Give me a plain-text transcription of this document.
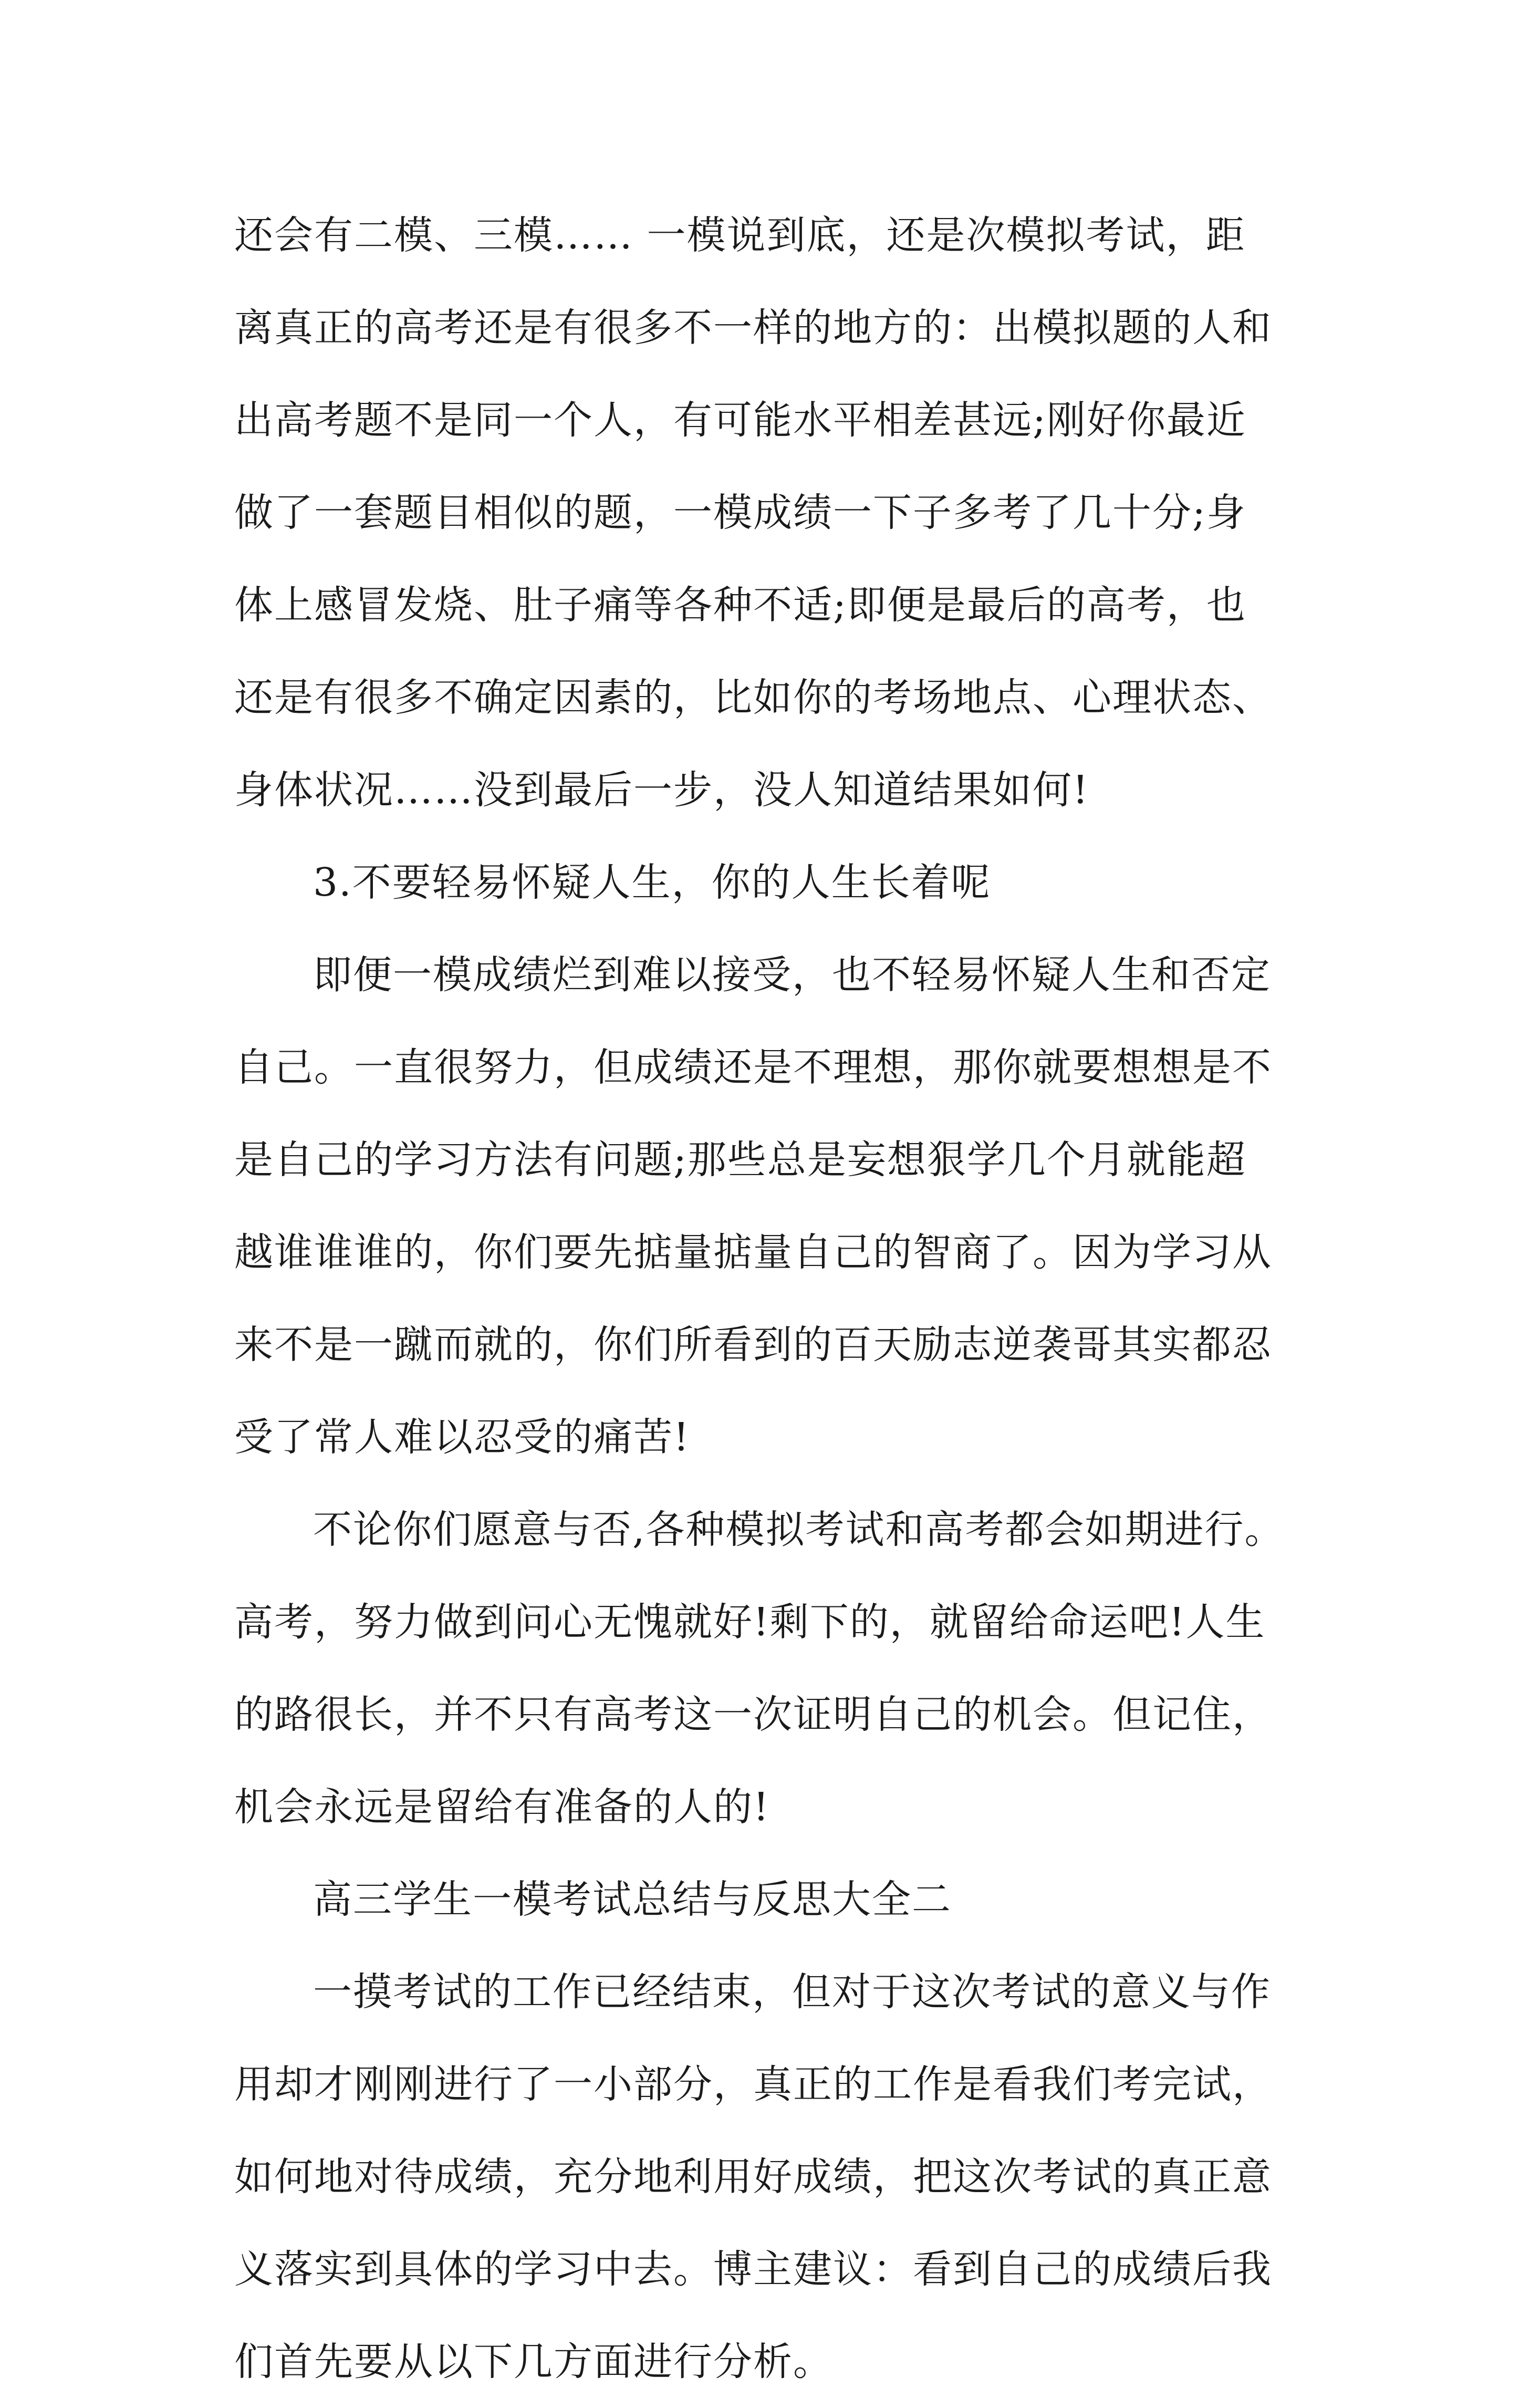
还会有二模、三模…… 一模说到底，还是次模拟考试，距
离真正的高考还是有很多不一样的地方的：出模拟题的人和
出高考题不是同一个人，有可能水平相差甚远;刚好你最近
做了一套题目相似的题，一模成绩一下子多考了几十分;身
体上感冒发烧、肚子痛等各种不适;即便是最后的高考，也
还是有很多不确定因素的，比如你的考场地点、心理状态、
身体状况……没到最后一步，没人知道结果如何!
3.不要轻易怀疑人生，你的人生长着呢
即便一模成绩烂到难以接受，也不轻易怀疑人生和否定
自己。一直很努力，但成绩还是不理想，那你就要想想是不
是自己的学习方法有问题;那些总是妄想狠学几个月就能超
越谁谁谁的，你们要先掂量掂量自己的智商了。因为学习从
来不是一蹴而就的，你们所看到的百天励志逆袭哥其实都忍
受了常人难以忍受的痛苦!
不论你们愿意与否,各种模拟考试和高考都会如期进行。
高考，努力做到问心无愧就好!剩下的，就留给命运吧!人生
的路很长，并不只有高考这一次证明自己的机会。但记住，
机会永远是留给有准备的人的!
高三学生一模考试总结与反思大全二
一摸考试的工作已经结束，但对于这次考试的意义与作
用却才刚刚进行了一小部分，真正的工作是看我们考完试，
如何地对待成绩，充分地利用好成绩，把这次考试的真正意
义落实到具体的学习中去。博主建议：看到自己的成绩后我
们首先要从以下几方面进行分析。
